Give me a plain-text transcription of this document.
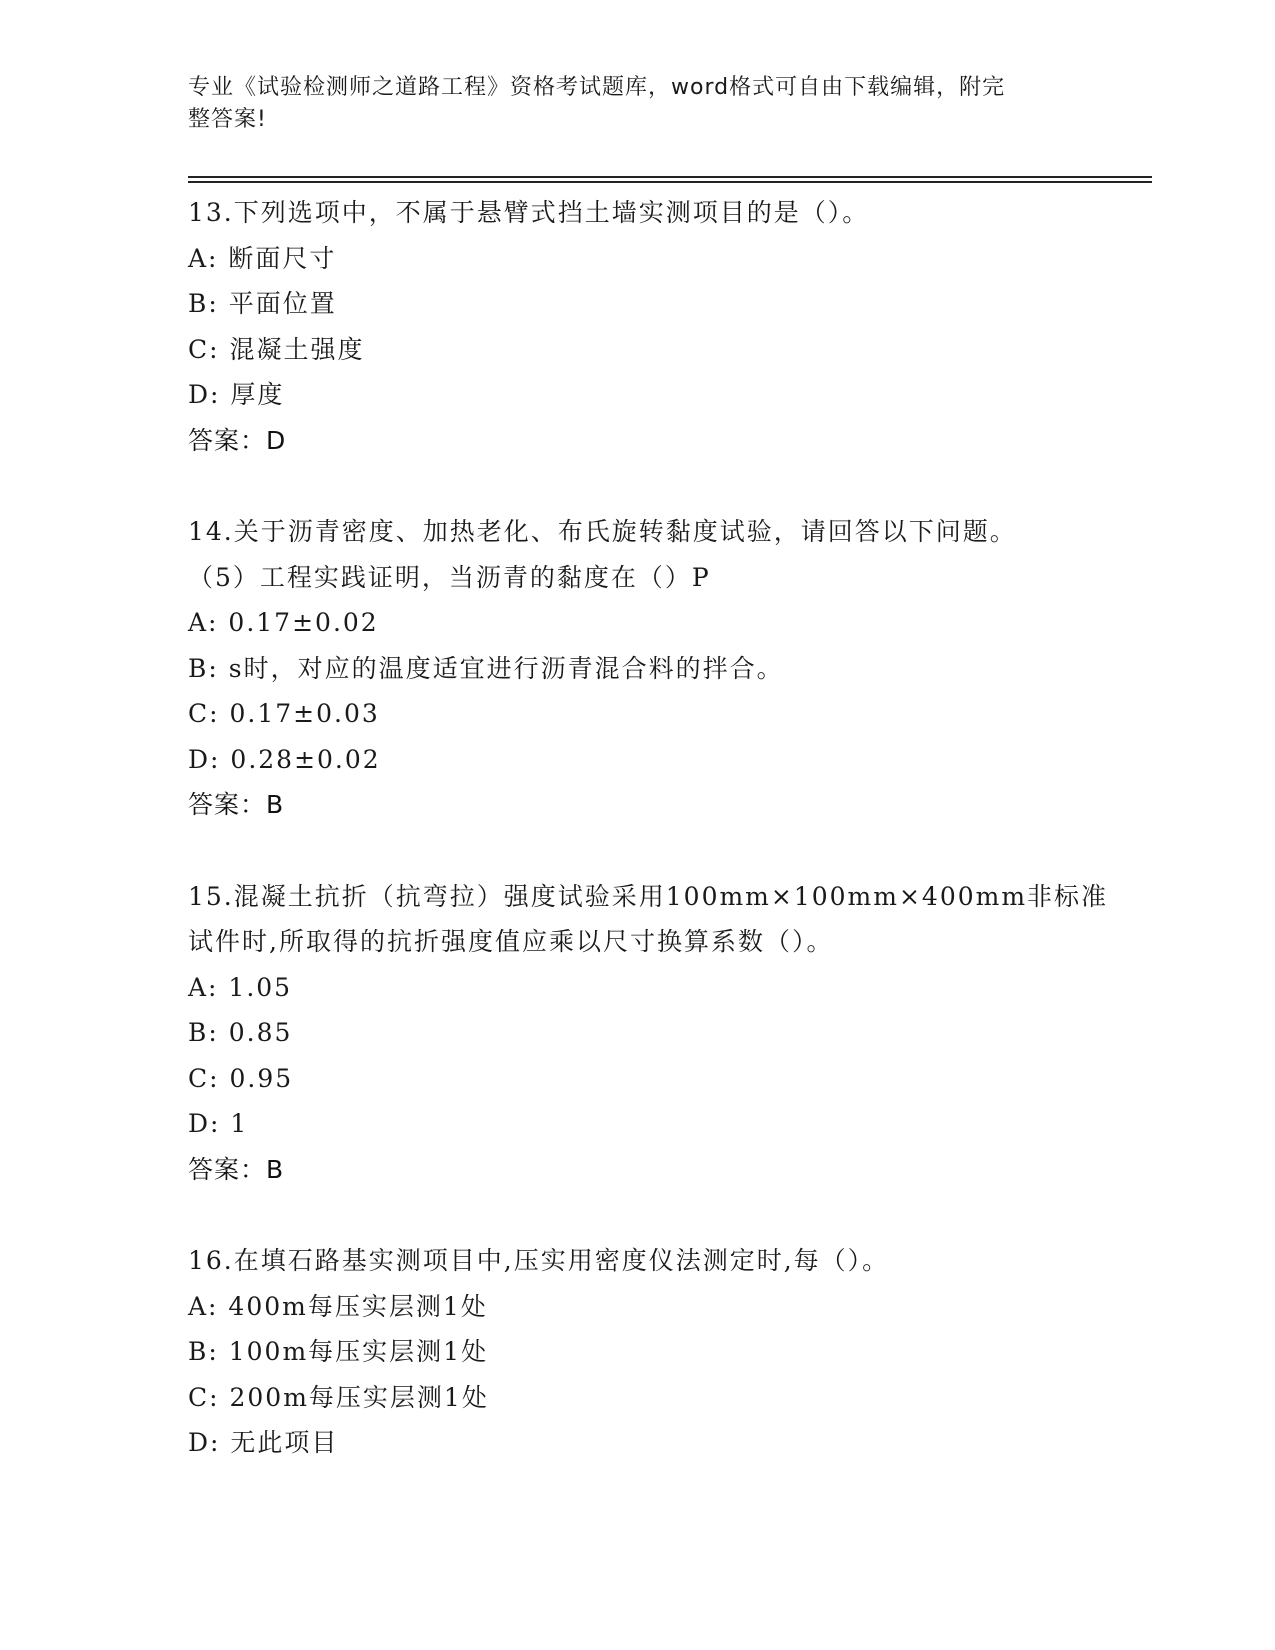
专业《试验检测师之道路工程》资格考试题库，word格式可自由下载编辑，附完
整答案!
13.下列选项中，不属于悬臂式挡土墙实测项目的是（）。
A: 断面尺寸
B: 平面位置
C: 混凝土强度
D: 厚度
答案：D
14.关于沥青密度、加热老化、布氏旋转黏度试验，请回答以下问题。
（5）工程实践证明，当沥青的黏度在（）P
A: 0.17±0.02
B: s时，对应的温度适宜进行沥青混合料的拌合。
C: 0.17±0.03
D: 0.28±0.02
答案：B
15.混凝土抗折（抗弯拉）强度试验采用100mm×100mm×400mm非标准
试件时,所取得的抗折强度值应乘以尺寸换算系数（）。
A: 1.05
B: 0.85
C: 0.95
D: 1
答案：B
16.在填石路基实测项目中,压实用密度仪法测定时,每（）。
A: 400m每压实层测1处
B: 100m每压实层测1处
C: 200m每压实层测1处
D: 无此项目
